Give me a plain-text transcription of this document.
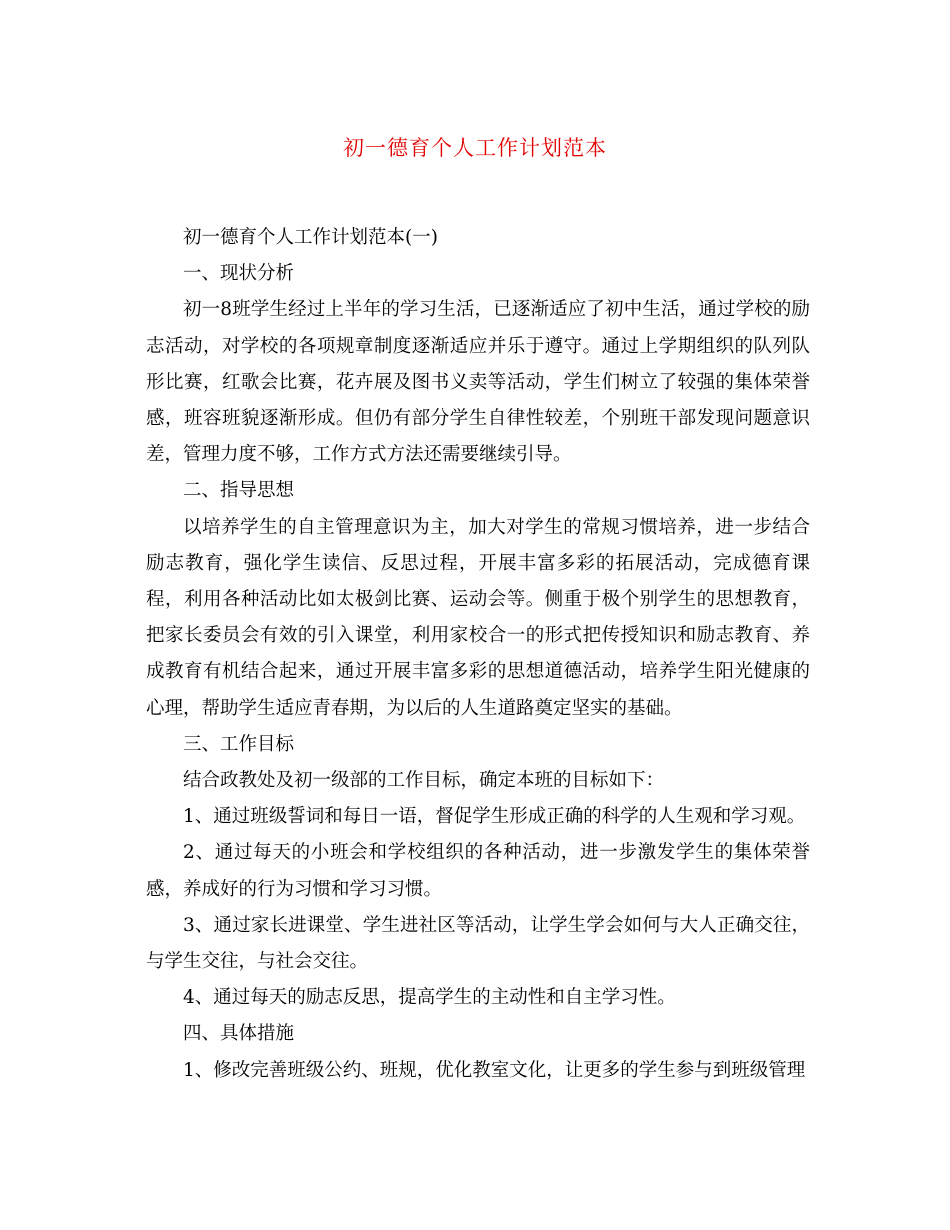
初一德育个人工作计划范本

初一德育个人工作计划范本(一)

一、现状分析

初一8班学生经过上半年的学习生活，已逐渐适应了初中生活，通过学校的励志活动，对学校的各项规章制度逐渐适应并乐于遵守。通过上学期组织的队列队形比赛，红歌会比赛，花卉展及图书义卖等活动，学生们树立了较强的集体荣誉感，班容班貌逐渐形成。但仍有部分学生自律性较差，个别班干部发现问题意识差，管理力度不够，工作方式方法还需要继续引导。

二、指导思想

以培养学生的自主管理意识为主，加大对学生的常规习惯培养，进一步结合励志教育，强化学生读信、反思过程，开展丰富多彩的拓展活动，完成德育课程，利用各种活动比如太极剑比赛、运动会等。侧重于极个别学生的思想教育，把家长委员会有效的引入课堂，利用家校合一的形式把传授知识和励志教育、养成教育有机结合起来，通过开展丰富多彩的思想道德活动，培养学生阳光健康的心理，帮助学生适应青春期，为以后的人生道路奠定坚实的基础。

三、工作目标

结合政教处及初一级部的工作目标，确定本班的目标如下：

1、通过班级誓词和每日一语，督促学生形成正确的科学的人生观和学习观。

2、通过每天的小班会和学校组织的各种活动，进一步激发学生的集体荣誉感，养成好的行为习惯和学习习惯。

3、通过家长进课堂、学生进社区等活动，让学生学会如何与大人正确交往，与学生交往，与社会交往。

4、通过每天的励志反思，提高学生的主动性和自主学习性。

四、具体措施

1、修改完善班级公约、班规，优化教室文化，让更多的学生参与到班级管理
